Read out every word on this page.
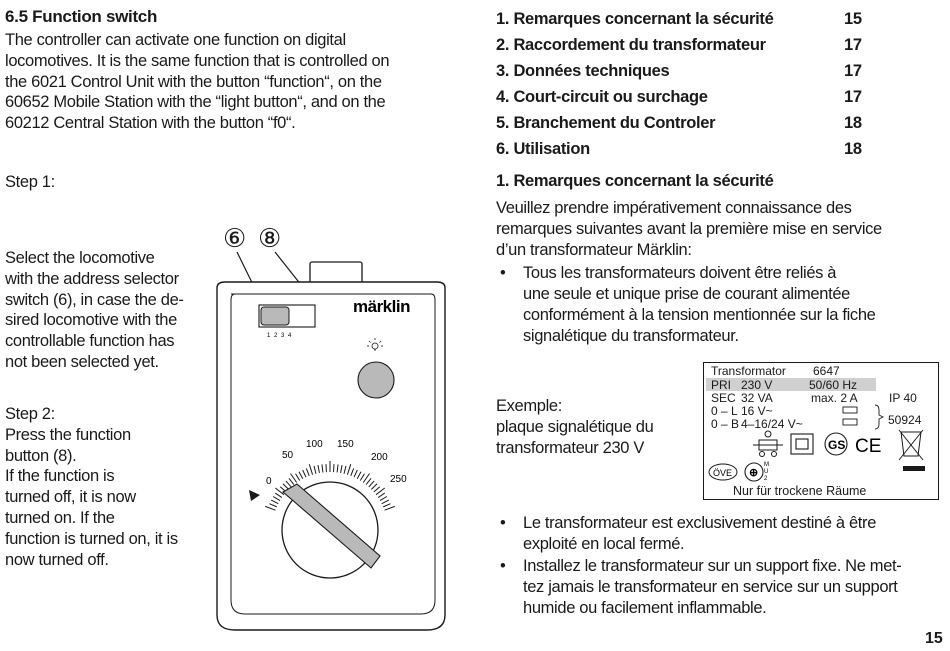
6.5 Function switch
The controller can activate one function on digital
locomotives. It is the same function that is controlled on
the 6021 Control Unit with the button “function“, on the
60652 Mobile Station with the “light button“, and on the
60212 Central Station with the button “f0“.
Step 1:
Select the locomotive
with the address selector
switch (6), in case the de-
sired locomotive with the
controllable function has
not been selected yet.
Step 2:
Press the function
button (8).
If the function is
turned off, it is now
turned on. If the
function is turned on, it is
now turned off.
⑥ ⑧
1 2 3 4
märklin
0
50
100 150
200
250
1. Remarques concernant la sécurité	15
2. Raccordement du transformateur	17
3. Données techniques	17
4. Court-circuit ou surchage	17
5. Branchement du Controler	18
6. Utilisation	18
1. Remarques concernant la sécurité
Veuillez prendre impérativement connaissance des
remarques suivantes avant la première mise en service
d’un transformateur Märklin:
• Tous les transformateurs doivent être reliés à
une seule et unique prise de courant alimentée
conformément à la tension mentionnée sur la fiche
signalétique du transformateur.
Exemple:
plaque signalétique du
transformateur 230 V
Transformator 6647
PRI 230 V	50/60 Hz
SEC 32 VA	max. 2 A	IP 40
0 – L 16 V~
0 – B 4–16/24 V~	50924
Nur für trockene Räume
GS CE
ÖVE ⊕
M
U
2
• Le transformateur est exclusivement destiné à être
exploité en local fermé.
• Installez le transformateur sur un support fixe. Ne met-
tez jamais le transformateur en service sur un support
humide ou facilement inflammable.
15
